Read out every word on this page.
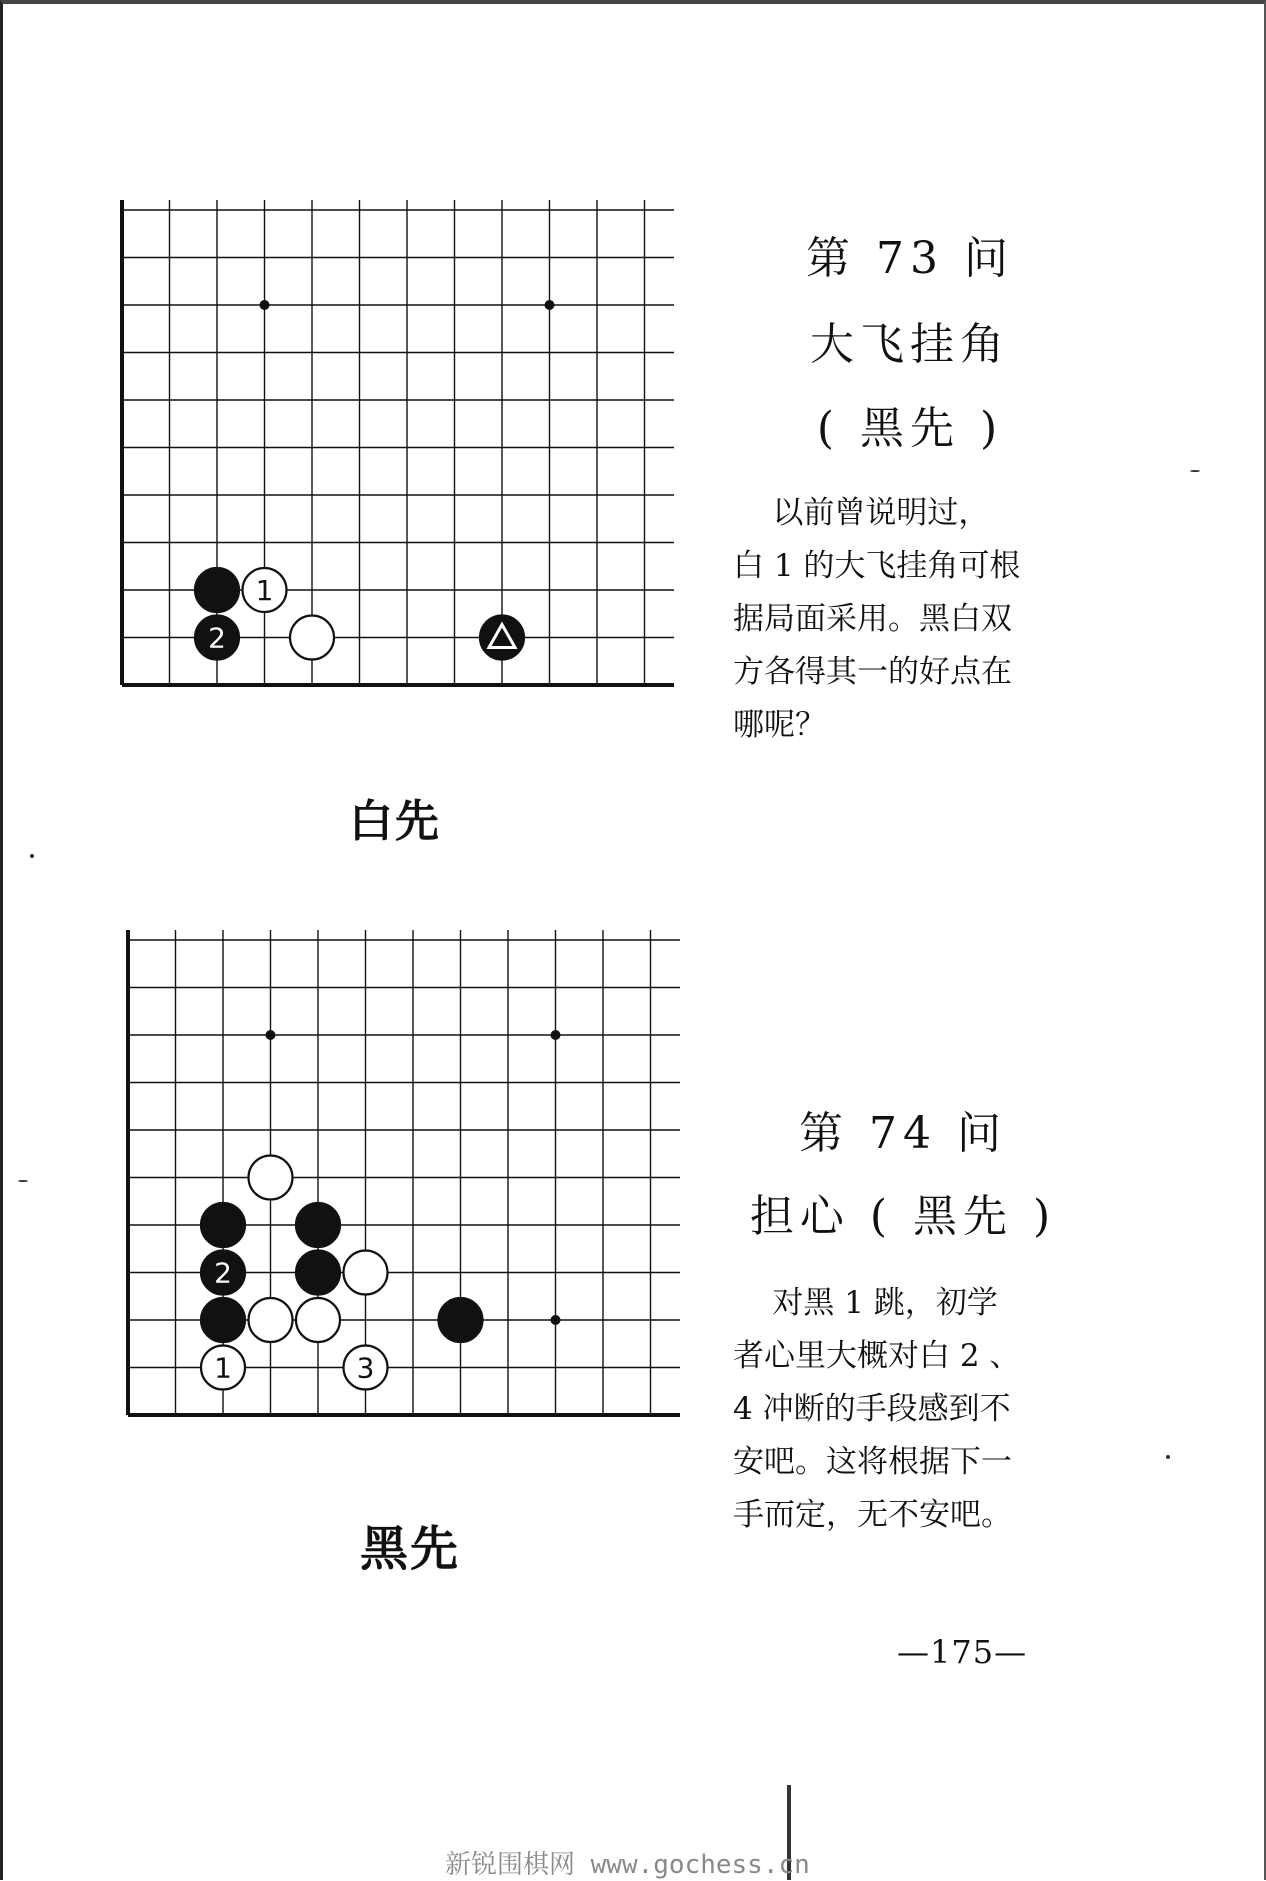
1
2
白先
第 73 问
大飞挂角
( 黑先 )
以前曾说明过，
白 1 的大飞挂角可根
据局面采用。黑白双
方各得其一的好点在
哪呢？
2
1	3
黑先
第 74 问
担心 ( 黑先 )
对黑 1 跳，初学
者心里大概对白 2 、
4 冲断的手段感到不
安吧。这将根据下一
手而定，无不安吧。
—175—
新锐围棋网 www.gochess.cn
